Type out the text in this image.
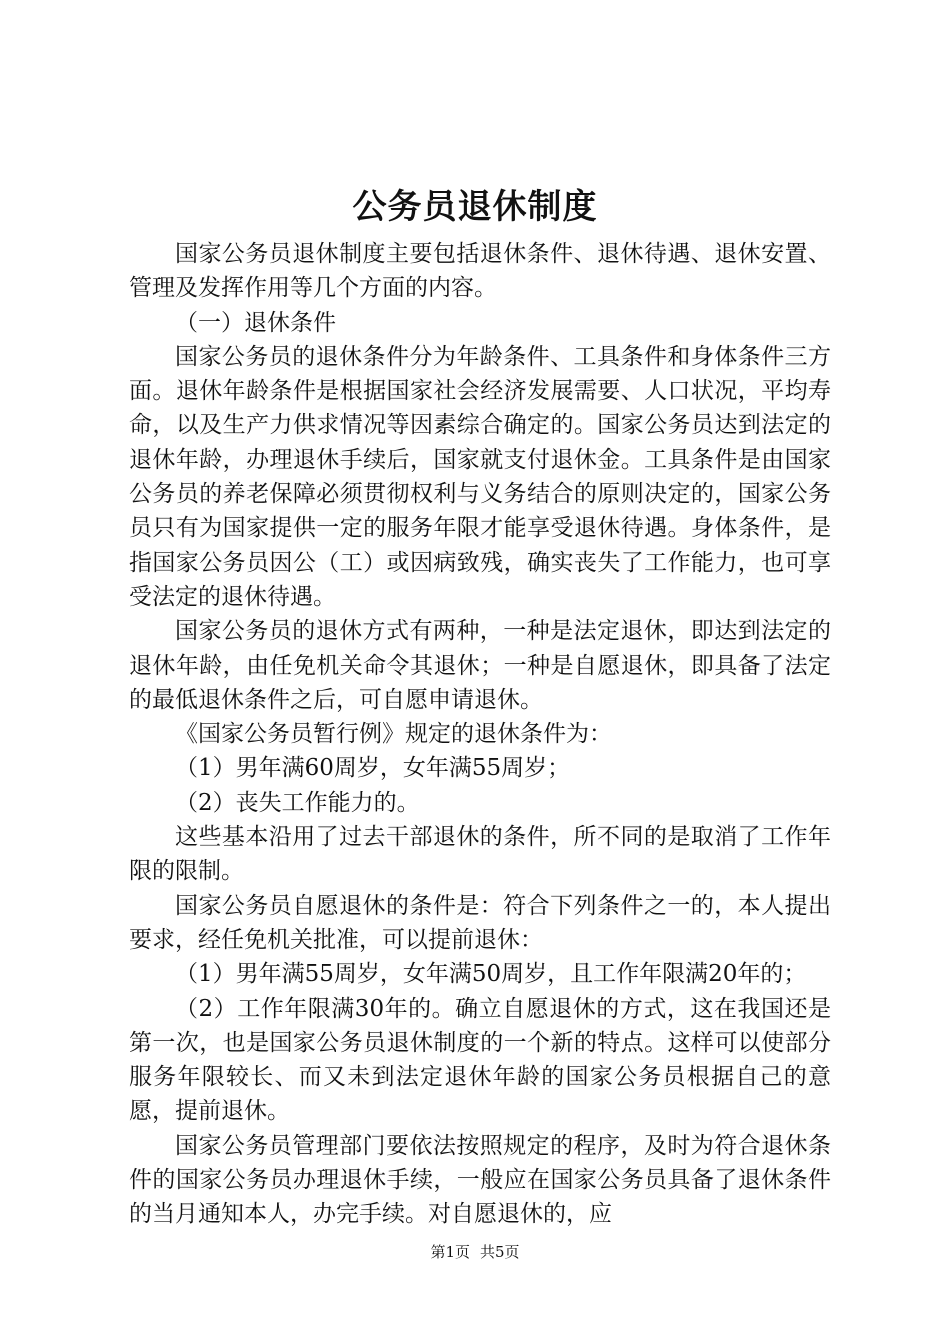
公务员退休制度

国家公务员退休制度主要包括退休条件、退休待遇、退休安置、管理及发挥作用等几个方面的内容。

（一）退休条件

国家公务员的退休条件分为年龄条件、工具条件和身体条件三方面。退休年龄条件是根据国家社会经济发展需要、人口状况，平均寿命，以及生产力供求情况等因素综合确定的。国家公务员达到法定的退休年龄，办理退休手续后，国家就支付退休金。工具条件是由国家公务员的养老保障必须贯彻权利与义务结合的原则决定的，国家公务员只有为国家提供一定的服务年限才能享受退休待遇。身体条件，是指国家公务员因公（工）或因病致残，确实丧失了工作能力，也可享受法定的退休待遇。

国家公务员的退休方式有两种，一种是法定退休，即达到法定的退休年龄，由任免机关命令其退休；一种是自愿退休，即具备了法定的最低退休条件之后，可自愿申请退休。

《国家公务员暂行例》规定的退休条件为：

（1）男年满60周岁，女年满55周岁；

（2）丧失工作能力的。

这些基本沿用了过去干部退休的条件，所不同的是取消了工作年限的限制。

国家公务员自愿退休的条件是：符合下列条件之一的，本人提出要求，经任免机关批准，可以提前退休：

（1）男年满55周岁，女年满50周岁，且工作年限满20年的；

（2）工作年限满30年的。确立自愿退休的方式，这在我国还是第一次，也是国家公务员退休制度的一个新的特点。这样可以使部分服务年限较长、而又未到法定退休年龄的国家公务员根据自己的意愿，提前退休。

国家公务员管理部门要依法按照规定的程序，及时为符合退休条件的国家公务员办理退休手续，一般应在国家公务员具备了退休条件的当月通知本人，办完手续。对自愿退休的，应

第1页 共5页
